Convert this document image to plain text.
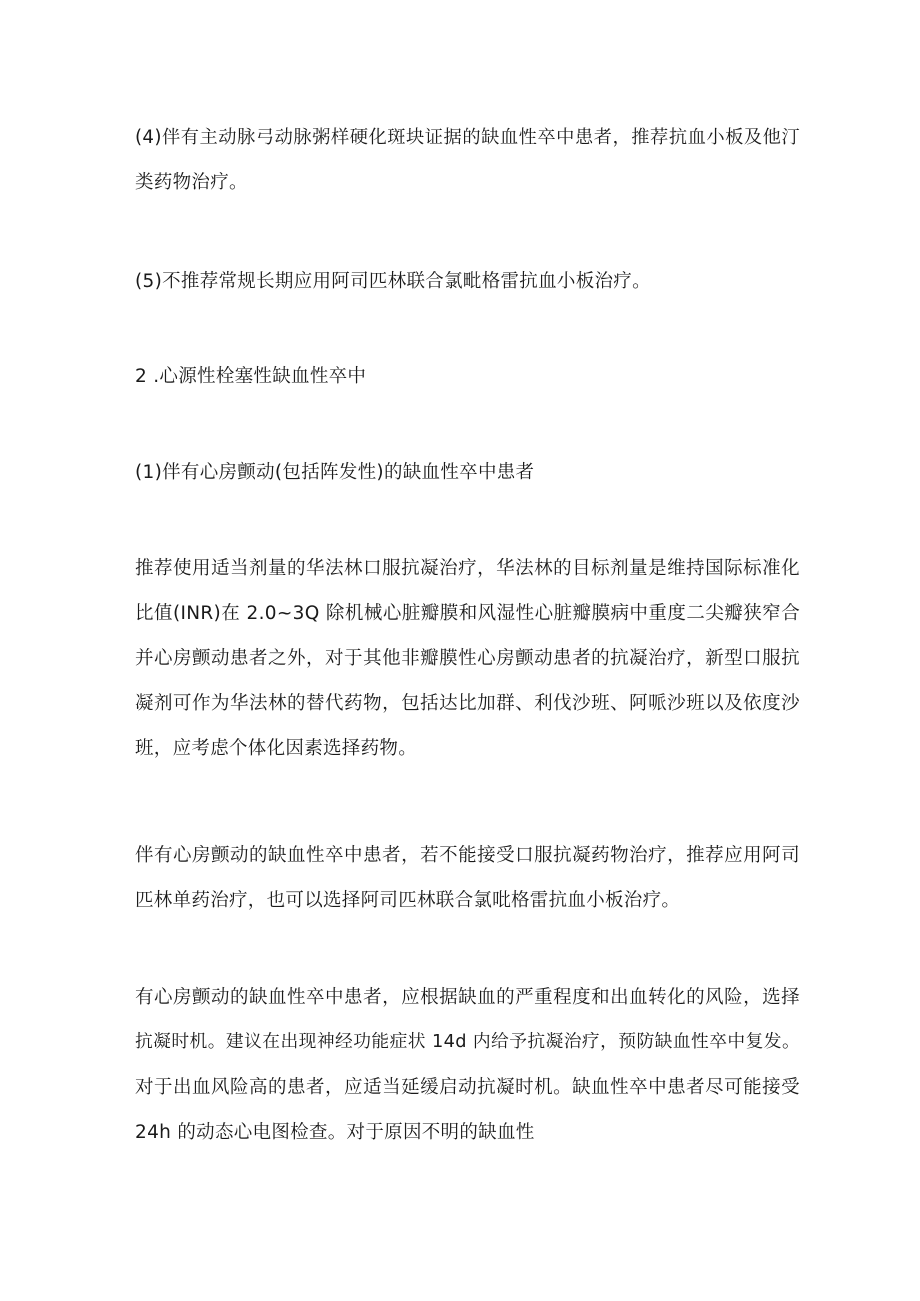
(4)伴有主动脉弓动脉粥样硬化斑块证据的缺血性卒中患者，推荐抗血小板及他汀
类药物治疗。
(5)不推荐常规长期应用阿司匹林联合氯毗格雷抗血小板治疗。
2 .心源性栓塞性缺血性卒中
(1)伴有心房颤动(包括阵发性)的缺血性卒中患者
推荐使用适当剂量的华法林口服抗凝治疗，华法林的目标剂量是维持国际标准化
比值(INR)在 2.0~3Q 除机械心脏瓣膜和风湿性心脏瓣膜病中重度二尖瓣狭窄合
并心房颤动患者之外，对于其他非瓣膜性心房颤动患者的抗凝治疗，新型口服抗
凝剂可作为华法林的替代药物，包括达比加群、利伐沙班、阿哌沙班以及依度沙
班，应考虑个体化因素选择药物。
伴有心房颤动的缺血性卒中患者，若不能接受口服抗凝药物治疗，推荐应用阿司
匹林单药治疗，也可以选择阿司匹林联合氯吡格雷抗血小板治疗。
有心房颤动的缺血性卒中患者，应根据缺血的严重程度和出血转化的风险，选择
抗凝时机。建议在出现神经功能症状 14d 内给予抗凝治疗，预防缺血性卒中复发。
对于出血风险高的患者，应适当延缓启动抗凝时机。缺血性卒中患者尽可能接受
24h 的动态心电图检查。对于原因不明的缺血性
